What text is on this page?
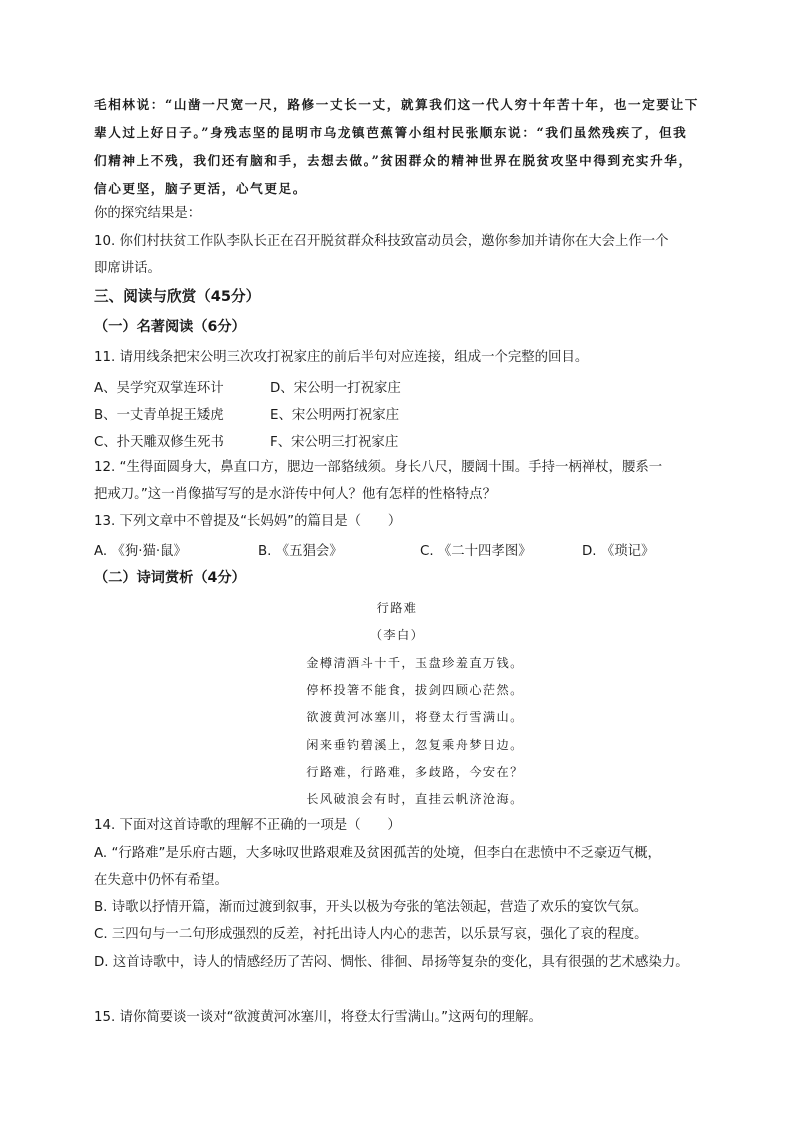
毛相林说：“山凿一尺宽一尺，路修一丈长一丈，就算我们这一代人穷十年苦十年，也一定要让下
辈人过上好日子。”身残志坚的昆明市乌龙镇芭蕉箐小组村民张顺东说：“我们虽然残疾了，但我
们精神上不残，我们还有脑和手，去想去做。”贫困群众的精神世界在脱贫攻坚中得到充实升华，
信心更坚，脑子更活，心气更足。
你的探究结果是：
10. 你们村扶贫工作队李队长正在召开脱贫群众科技致富动员会，邀你参加并请你在大会上作一个
即席讲话。
三、阅读与欣赏（45分）
（一）名著阅读（6分）
11. 请用线条把宋公明三次攻打祝家庄的前后半句对应连接，组成一个完整的回目。
A、吴学究双掌连环计	D、宋公明一打祝家庄
B、一丈青单捉王矮虎	E、宋公明两打祝家庄
C、扑天雕双修生死书	F、宋公明三打祝家庄
12. “生得面圆身大，鼻直口方，腮边一部貉绒须。身长八尺，腰阔十围。手持一柄禅杖，腰系一
把戒刀。”这一肖像描写写的是水浒传中何人？他有怎样的性格特点？
13. 下列文章中不曾提及“长妈妈”的篇目是（　　）
A. 《狗·猫·鼠》	B. 《五猖会》	C. 《二十四孝图》	D. 《琐记》
（二）诗词赏析（4分）
行路难
（李白）
金樽清酒斗十千，玉盘珍羞直万钱。
停杯投箸不能食，拔剑四顾心茫然。
欲渡黄河冰塞川，将登太行雪满山。
闲来垂钓碧溪上，忽复乘舟梦日边。
行路难，行路难，多歧路，今安在？
长风破浪会有时，直挂云帆济沧海。
14. 下面对这首诗歌的理解不正确的一项是（　　）
A. “行路难”是乐府古题，大多咏叹世路艰难及贫困孤苦的处境，但李白在悲愤中不乏豪迈气概，
在失意中仍怀有希望。
B. 诗歌以抒情开篇，渐而过渡到叙事，开头以极为夸张的笔法领起，营造了欢乐的宴饮气氛。
C. 三四句与一二句形成强烈的反差，衬托出诗人内心的悲苦，以乐景写哀，强化了哀的程度。
D. 这首诗歌中，诗人的情感经历了苦闷、惆怅、徘徊、昂扬等复杂的变化，具有很强的艺术感染力。
15. 请你简要谈一谈对“欲渡黄河冰塞川，将登太行雪满山。”这两句的理解。
